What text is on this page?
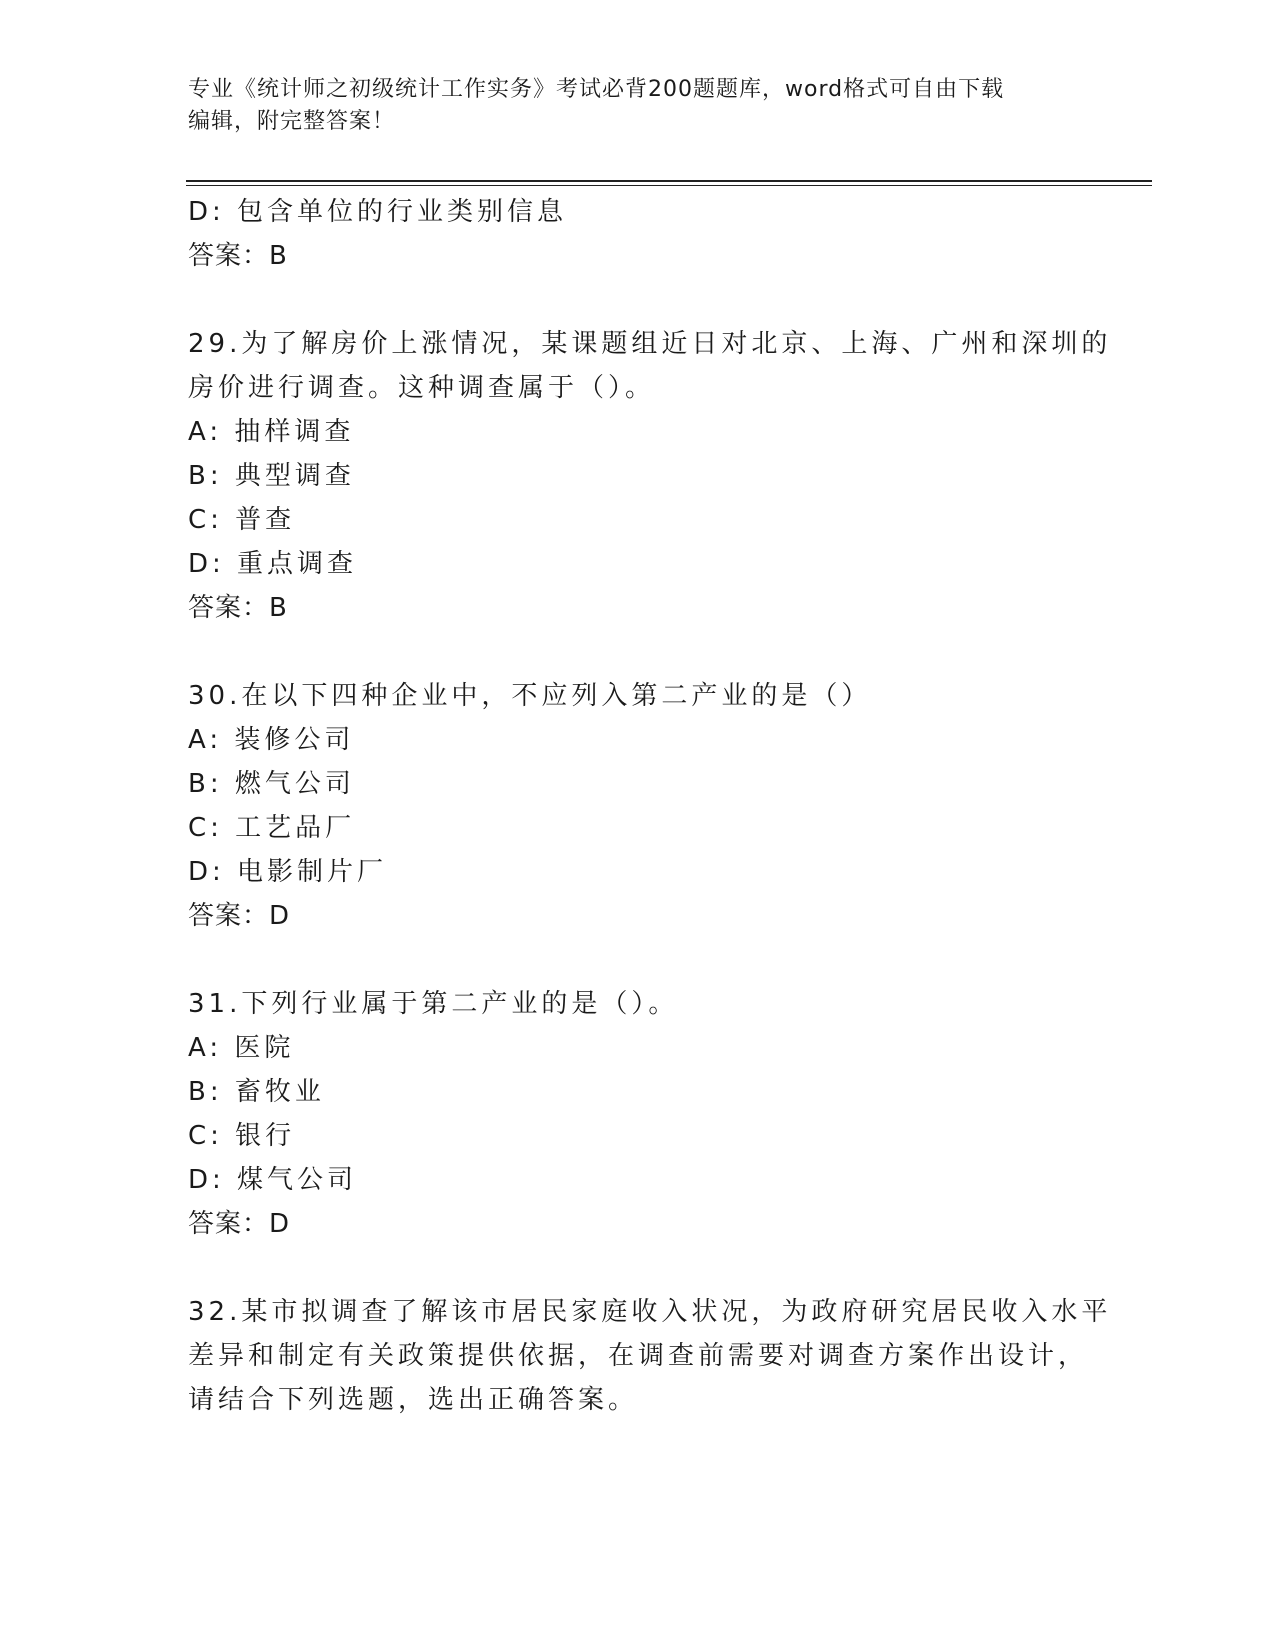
专业《统计师之初级统计工作实务》考试必背200题题库，word格式可自由下载
编辑，附完整答案！
D: 包含单位的行业类别信息
答案：B
29.为了解房价上涨情况，某课题组近日对北京、上海、广州和深圳的
房价进行调查。这种调查属于（）。
A: 抽样调查
B: 典型调查
C: 普查
D: 重点调查
答案：B
30.在以下四种企业中，不应列入第二产业的是（）
A: 装修公司
B: 燃气公司
C: 工艺品厂
D: 电影制片厂
答案：D
31.下列行业属于第二产业的是（）。
A: 医院
B: 畜牧业
C: 银行
D: 煤气公司
答案：D
32.某市拟调查了解该市居民家庭收入状况，为政府研究居民收入水平
差异和制定有关政策提供依据，在调查前需要对调查方案作出设计，
请结合下列选题，选出正确答案。
